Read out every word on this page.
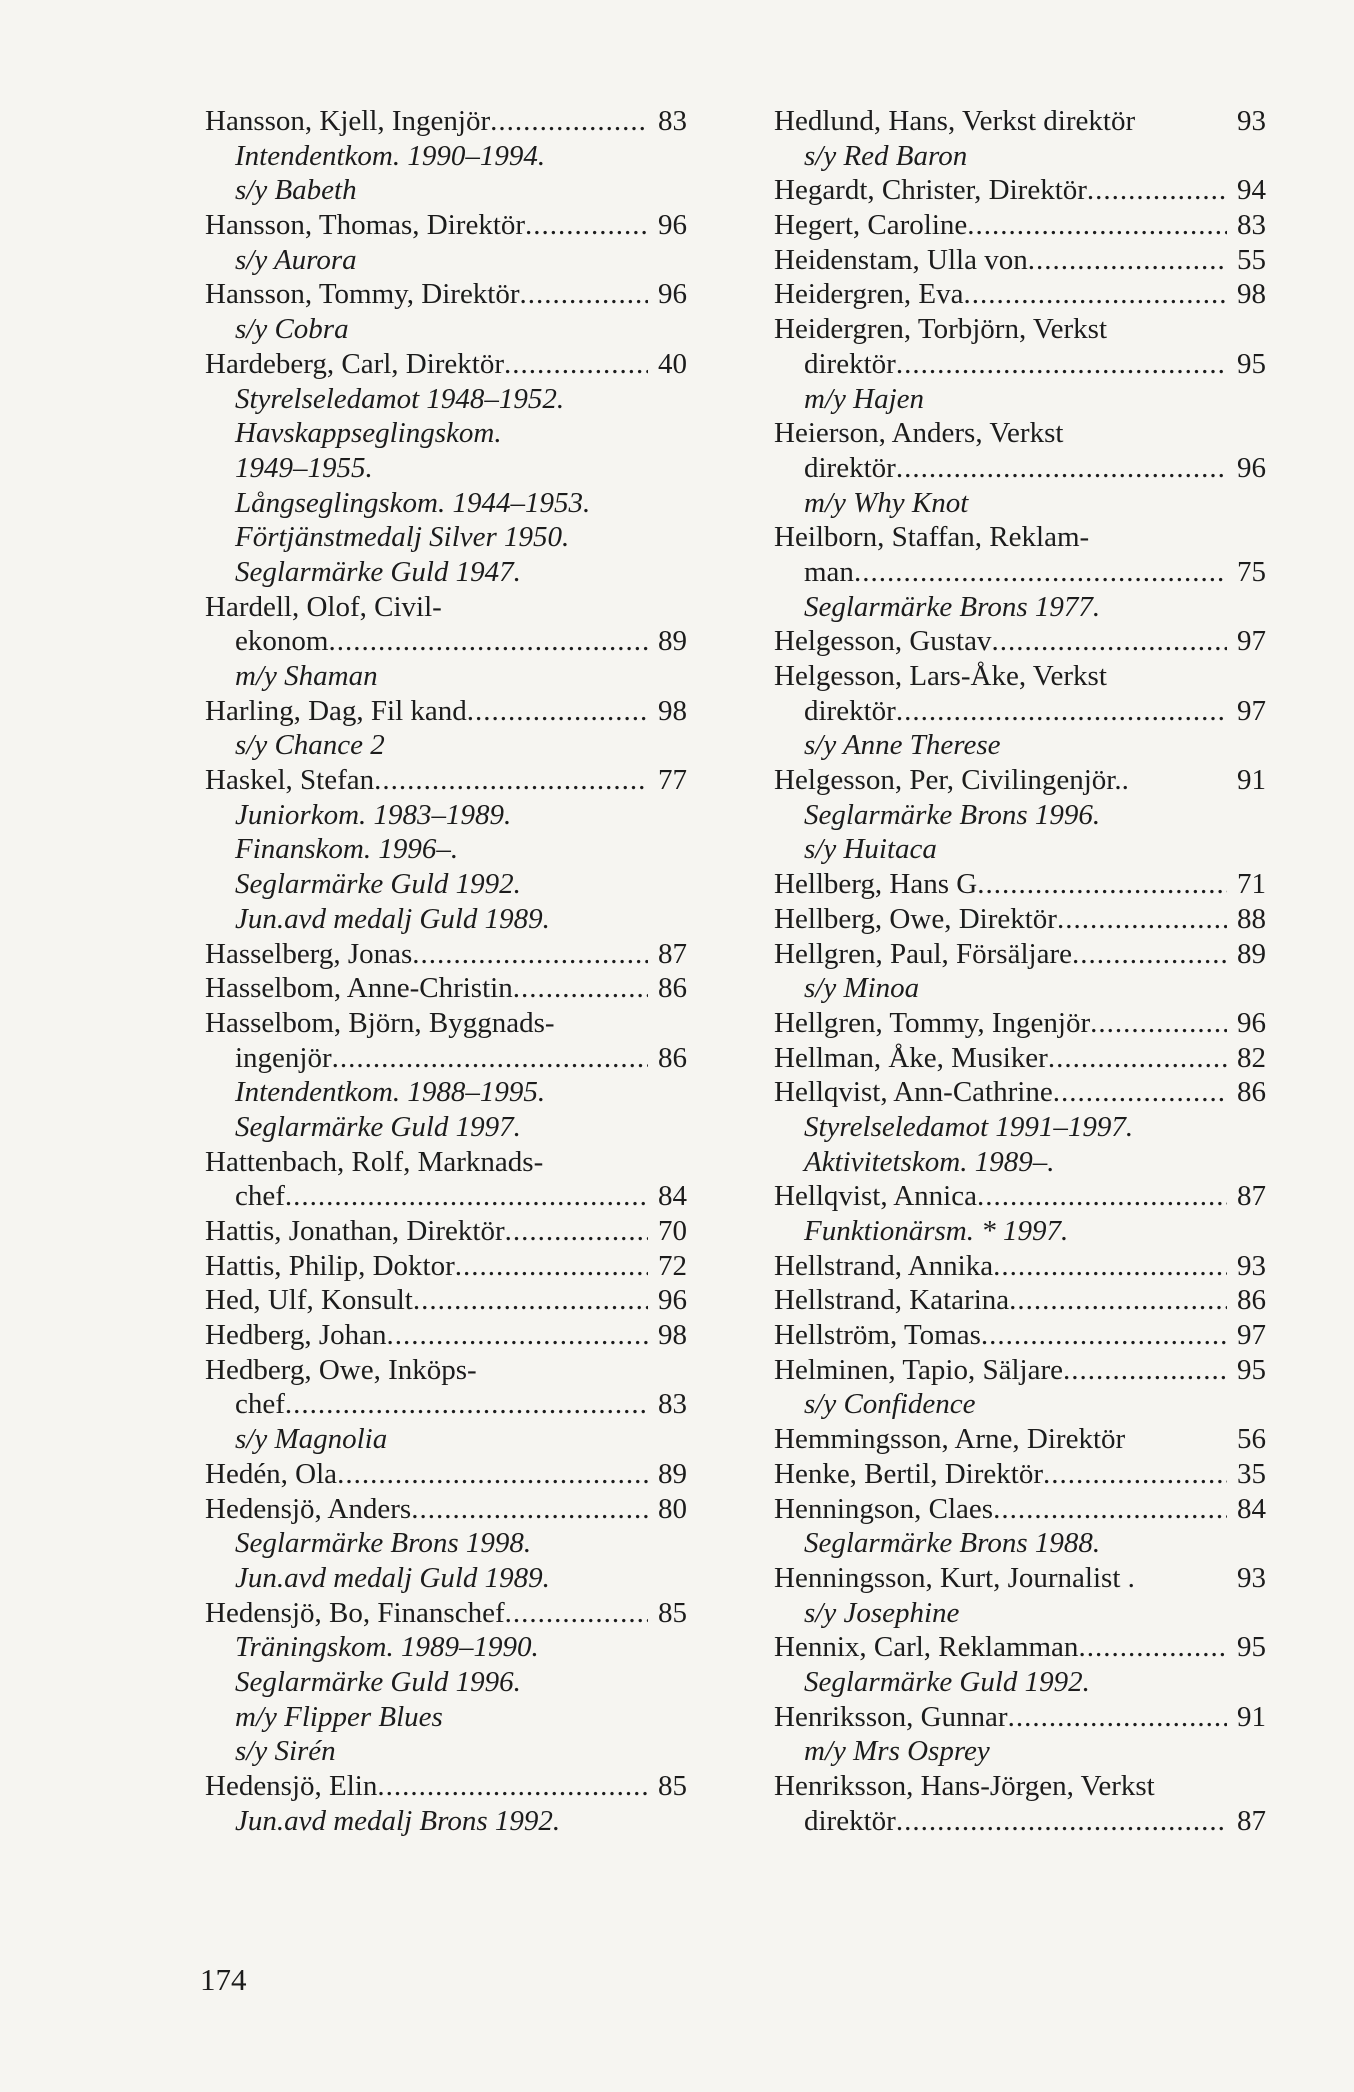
Hansson, Kjell, Ingenjör .....	83
Intendentkom. 1990–1994.
s/y Babeth
Hansson, Thomas, Direktör .....	96
s/y Aurora
Hansson, Tommy, Direktör .....	96
s/y Cobra
Hardeberg, Carl, Direktör .....	40
Styrelseledamot 1948–1952.
Havskappseglingskom.
1949–1955.
Långseglingskom. 1944–1953.
Förtjänstmedalj Silver 1950.
Seglarmärke Guld 1947.
Hardell, Olof, Civil-
ekonom .....	89
m/y Shaman
Harling, Dag, Fil kand .....	98
s/y Chance 2
Haskel, Stefan .....	77
Juniorkom. 1983–1989.
Finanskom. 1996–.
Seglarmärke Guld 1992.
Jun.avd medalj Guld 1989.
Hasselberg, Jonas .....	87
Hasselbom, Anne-Christin .....	86
Hasselbom, Björn, Byggnads-
ingenjör .....	86
Intendentkom. 1988–1995.
Seglarmärke Guld 1997.
Hattenbach, Rolf, Marknads-
chef .....	84
Hattis, Jonathan, Direktör .....	70
Hattis, Philip, Doktor .....	72
Hed, Ulf, Konsult .....	96
Hedberg, Johan .....	98
Hedberg, Owe, Inköps-
chef .....	83
s/y Magnolia
Hedén, Ola .....	89
Hedensjö, Anders .....	80
Seglarmärke Brons 1998.
Jun.avd medalj Guld 1989.
Hedensjö, Bo, Finanschef .....	85
Träningskom. 1989–1990.
Seglarmärke Guld 1996.
m/y Flipper Blues
s/y Sirén
Hedensjö, Elin .....	85
Jun.avd medalj Brons 1992.
Hedlund, Hans, Verkst direktör	93
s/y Red Baron
Hegardt, Christer, Direktör .....	94
Hegert, Caroline .....	83
Heidenstam, Ulla von .....	55
Heidergren, Eva .....	98
Heidergren, Torbjörn, Verkst
direktör .....	95
m/y Hajen
Heierson, Anders, Verkst
direktör .....	96
m/y Why Knot
Heilborn, Staffan, Reklam-
man .....	75
Seglarmärke Brons 1977.
Helgesson, Gustav .....	97
Helgesson, Lars-Åke, Verkst
direktör .....	97
s/y Anne Therese
Helgesson, Per, Civilingenjör..	91
Seglarmärke Brons 1996.
s/y Huitaca
Hellberg, Hans G .....	71
Hellberg, Owe, Direktör .....	88
Hellgren, Paul, Försäljare .....	89
s/y Minoa
Hellgren, Tommy, Ingenjör .....	96
Hellman, Åke, Musiker .....	82
Hellqvist, Ann-Cathrine .....	86
Styrelseledamot 1991–1997.
Aktivitetskom. 1989–.
Hellqvist, Annica .....	87
Funktionärsm. * 1997.
Hellstrand, Annika .....	93
Hellstrand, Katarina .....	86
Hellström, Tomas .....	97
Helminen, Tapio, Säljare .....	95
s/y Confidence
Hemmingsson, Arne, Direktör	56
Henke, Bertil, Direktör .....	35
Henningson, Claes .....	84
Seglarmärke Brons 1988.
Henningsson, Kurt, Journalist .	93
s/y Josephine
Hennix, Carl, Reklamman .....	95
Seglarmärke Guld 1992.
Henriksson, Gunnar .....	91
m/y Mrs Osprey
Henriksson, Hans-Jörgen, Verkst
direktör .....	87
174
